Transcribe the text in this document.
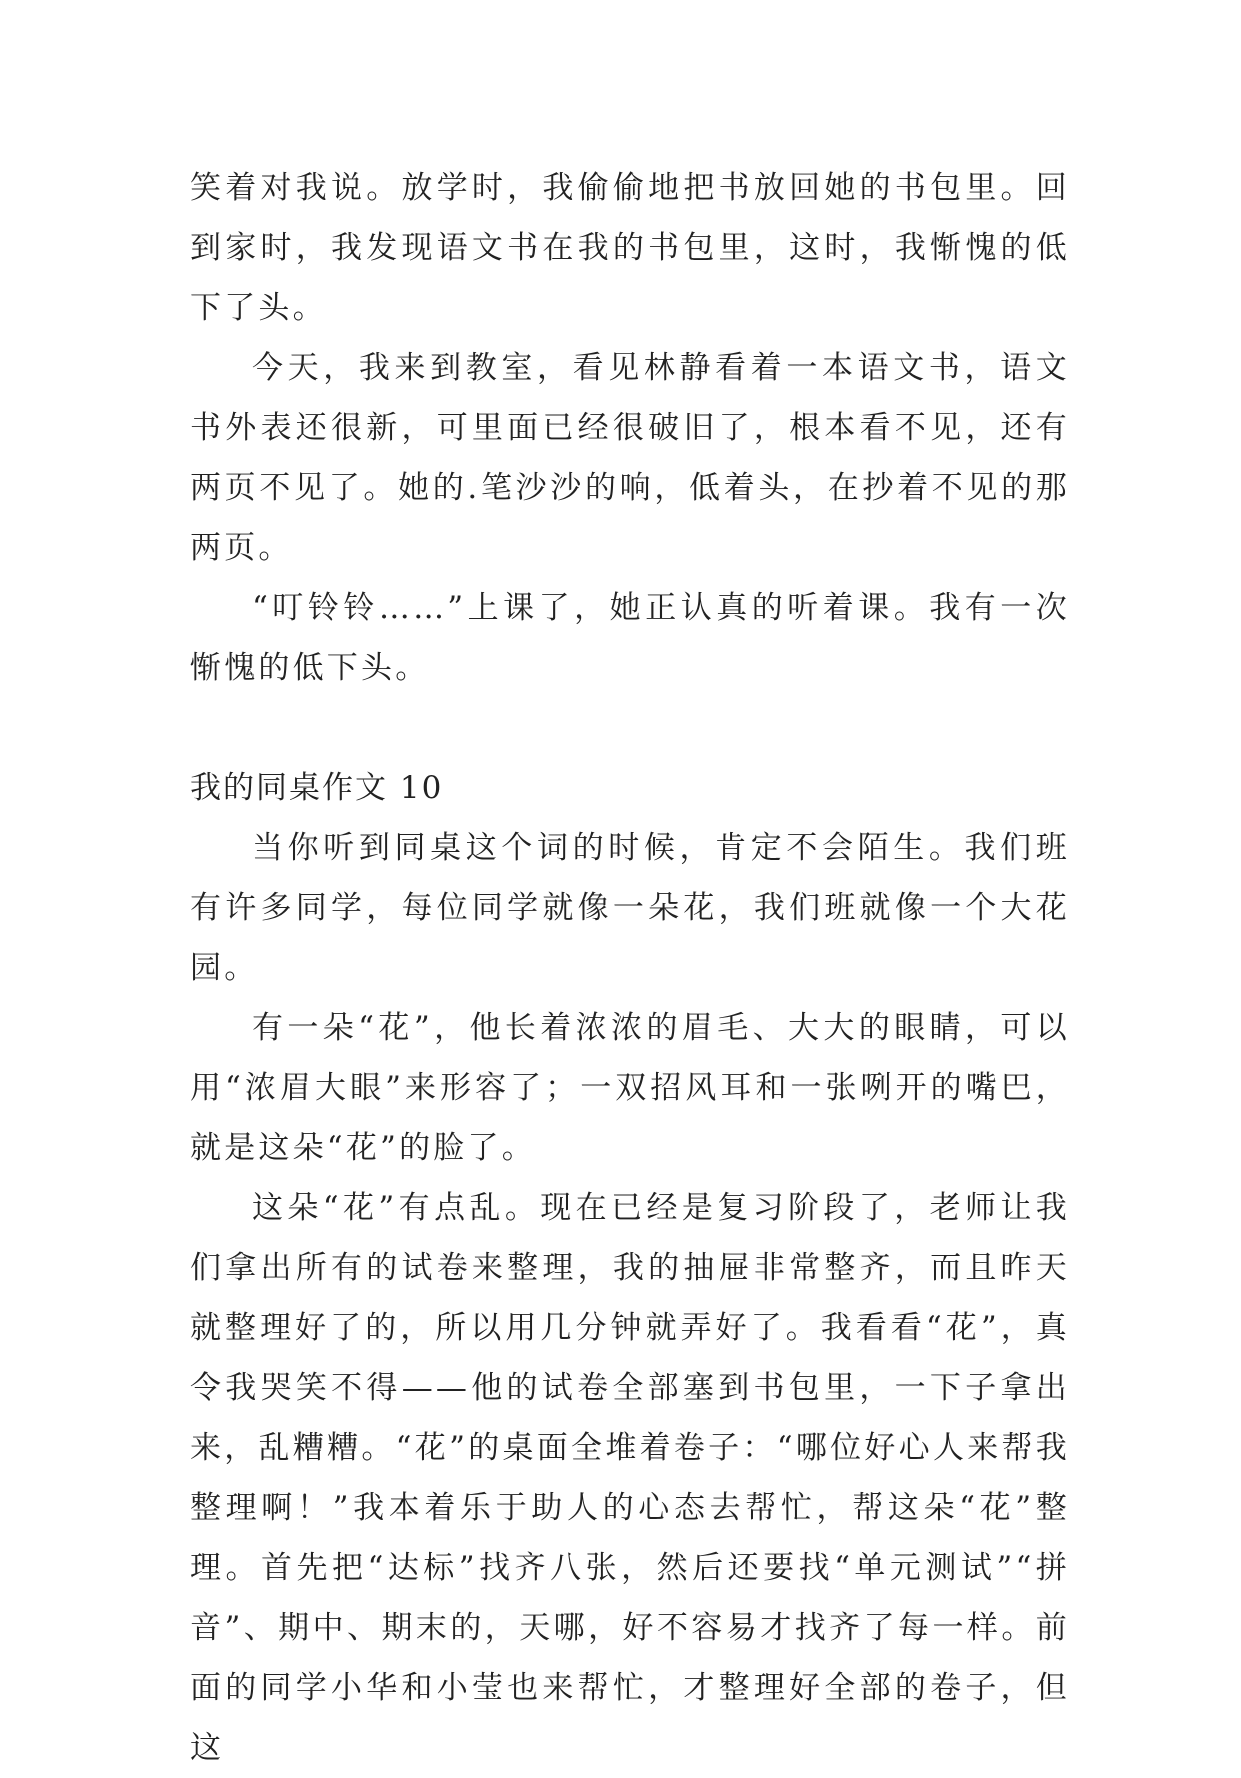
笑着对我说。放学时，我偷偷地把书放回她的书包里。回到家时，我发现语文书在我的书包里，这时，我惭愧的低下了头。

今天，我来到教室，看见林静看着一本语文书，语文书外表还很新，可里面已经很破旧了，根本看不见，还有两页不见了。她的.笔沙沙的响，低着头，在抄着不见的那两页。

“叮铃铃……”上课了，她正认真的听着课。我有一次惭愧的低下头。

我的同桌作文 10

当你听到同桌这个词的时候，肯定不会陌生。我们班有许多同学，每位同学就像一朵花，我们班就像一个大花园。

有一朵“花”，他长着浓浓的眉毛、大大的眼睛，可以用“浓眉大眼”来形容了；一双招风耳和一张咧开的嘴巴，就是这朵“花”的脸了。

这朵“花”有点乱。现在已经是复习阶段了，老师让我们拿出所有的试卷来整理，我的抽屉非常整齐，而且昨天就整理好了的，所以用几分钟就弄好了。我看看“花”，真令我哭笑不得——他的试卷全部塞到书包里，一下子拿出来，乱糟糟。“花”的桌面全堆着卷子：“哪位好心人来帮我整理啊！”我本着乐于助人的心态去帮忙，帮这朵“花”整理。首先把“达标”找齐八张，然后还要找“单元测试”“拼音”、期中、期末的，天哪，好不容易才找齐了每一样。前面的同学小华和小莹也来帮忙，才整理好全部的卷子，但这
